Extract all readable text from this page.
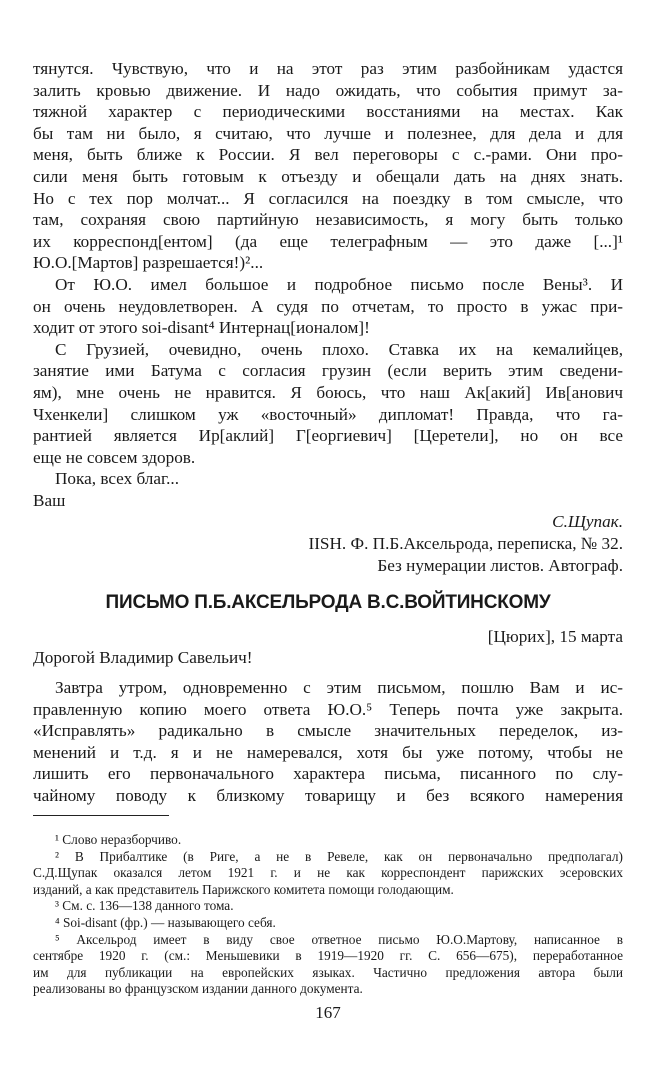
тянутся. Чувствую, что и на этот раз этим разбойникам удастся
залить кровью движение. И надо ожидать, что события примут за-
тяжной характер с периодическими восстаниями на местах. Как
бы там ни было, я считаю, что лучше и полезнее, для дела и для
меня, быть ближе к России. Я вел переговоры с с.-рами. Они про-
сили меня быть готовым к отъезду и обещали дать на днях знать.
Но с тех пор молчат... Я согласился на поездку в том смысле, что
там, сохраняя свою партийную независимость, я могу быть только
их корреспонд[ентом] (да еще телеграфным — это даже [...]¹
Ю.О.[Мартов] разрешается!)²...
От Ю.О. имел большое и подробное письмо после Вены³. И
он очень неудовлетворен. А судя по отчетам, то просто в ужас при-
ходит от этого soi-disant⁴ Интернац[ионалом]!
С Грузией, очевидно, очень плохо. Ставка их на кемалийцев,
занятие ими Батума с согласия грузин (если верить этим сведени-
ям), мне очень не нравится. Я боюсь, что наш Ак[акий] Ив[анович
Чхенкели] слишком уж «восточный» дипломат! Правда, что га-
рантией является Ир[аклий] Г[еоргиевич] [Церетели], но он все
еще не совсем здоров.
Пока, всех благ...
Ваш
С.Щупак.
IISH. Ф. П.Б.Аксельрода, переписка, № 32.
Без нумерации листов. Автограф.
ПИСЬМО П.Б.АКСЕЛЬРОДА В.С.ВОЙТИНСКОМУ
[Цюрих], 15 марта
Дорогой Владимир Савельич!
Завтра утром, одновременно с этим письмом, пошлю Вам и ис-
правленную копию моего ответа Ю.О.⁵ Теперь почта уже закрыта.
«Исправлять» радикально в смысле значительных переделок, из-
менений и т.д. я и не намеревался, хотя бы уже потому, чтобы не
лишить его первоначального характера письма, писанного по слу-
чайному поводу к близкому товарищу и без всякого намерения
¹ Слово неразборчиво.
² В Прибалтике (в Риге, а не в Ревеле, как он первоначально предполагал)
С.Д.Щупак оказался летом 1921 г. и не как корреспондент парижских эсеровских
изданий, а как представитель Парижского комитета помощи голодающим.
³ См. с. 136—138 данного тома.
⁴ Soi-disant (фр.) — называющего себя.
⁵ Аксельрод имеет в виду свое ответное письмо Ю.О.Мартову, написанное в
сентябре 1920 г. (см.: Меньшевики в 1919—1920 гг. С. 656—675), переработанное
им для публикации на европейских языках. Частично предложения автора были
реализованы во французском издании данного документа.
167
